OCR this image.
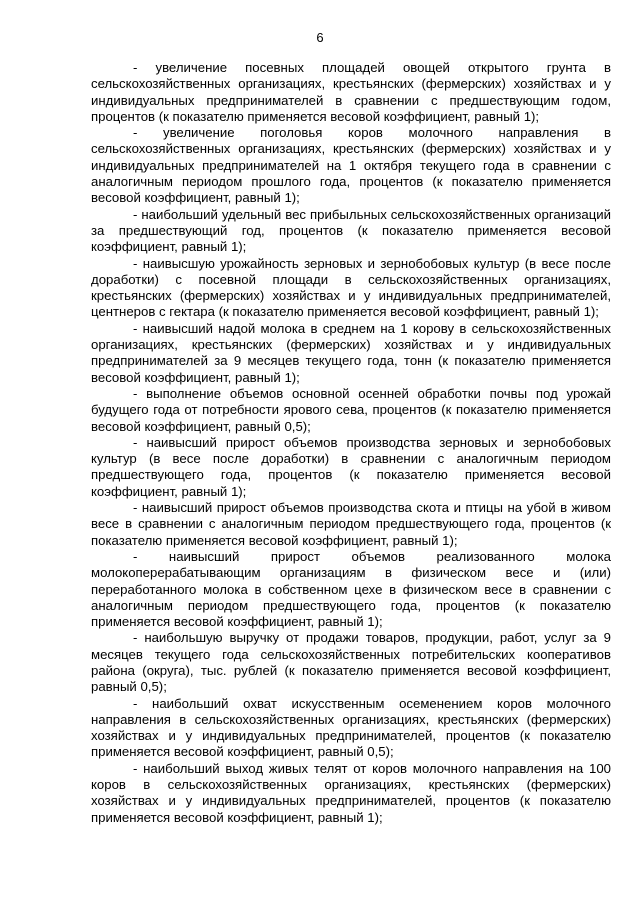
6

- увеличение посевных площадей овощей открытого грунта в сельскохозяйственных организациях, крестьянских (фермерских) хозяйствах и у индивидуальных предпринимателей в сравнении с предшествующим годом, процентов (к показателю применяется весовой коэффициент, равный 1);

- увеличение поголовья коров молочного направления в сельскохозяйственных организациях, крестьянских (фермерских) хозяйствах и у индивидуальных предпринимателей на 1 октября текущего года в сравнении с аналогичным периодом прошлого года, процентов (к показателю применяется весовой коэффициент, равный 1);

- наибольший удельный вес прибыльных сельскохозяйственных организаций за предшествующий год, процентов (к показателю применяется весовой коэффициент, равный 1);

- наивысшую урожайность зерновых и зернобобовых культур (в весе после доработки) с посевной площади в сельскохозяйственных организациях, крестьянских (фермерских) хозяйствах и у индивидуальных предпринимателей, центнеров с гектара (к показателю применяется весовой коэффициент, равный 1);

- наивысший надой молока в среднем на 1 корову в сельскохозяйственных организациях, крестьянских (фермерских) хозяйствах и у индивидуальных предпринимателей за 9 месяцев текущего года, тонн (к показателю применяется весовой коэффициент, равный 1);

- выполнение объемов основной осенней обработки почвы под урожай будущего года от потребности ярового сева, процентов (к показателю применяется весовой коэффициент, равный 0,5);

- наивысший прирост объемов производства зерновых и зернобобовых культур (в весе после доработки) в сравнении с аналогичным периодом предшествующего года, процентов (к показателю применяется весовой коэффициент, равный 1);

- наивысший прирост объемов производства скота и птицы на убой в живом весе в сравнении с аналогичным периодом предшествующего года, процентов (к показателю применяется весовой коэффициент, равный 1);

- наивысший прирост объемов реализованного молока молокоперерабатывающим организациям в физическом весе и (или) переработанного молока в собственном цехе в физическом весе в сравнении с аналогичным периодом предшествующего года, процентов (к показателю применяется весовой коэффициент, равный 1);

- наибольшую выручку от продажи товаров, продукции, работ, услуг за 9 месяцев текущего года сельскохозяйственных потребительских кооперативов района (округа), тыс. рублей (к показателю применяется весовой коэффициент, равный 0,5);

- наибольший охват искусственным осеменением коров молочного направления в сельскохозяйственных организациях, крестьянских (фермерских) хозяйствах и у индивидуальных предпринимателей, процентов (к показателю применяется весовой коэффициент, равный 0,5);

- наибольший выход живых телят от коров молочного направления на 100 коров в сельскохозяйственных организациях, крестьянских (фермерских) хозяйствах и у индивидуальных предпринимателей, процентов (к показателю применяется весовой коэффициент, равный 1);
